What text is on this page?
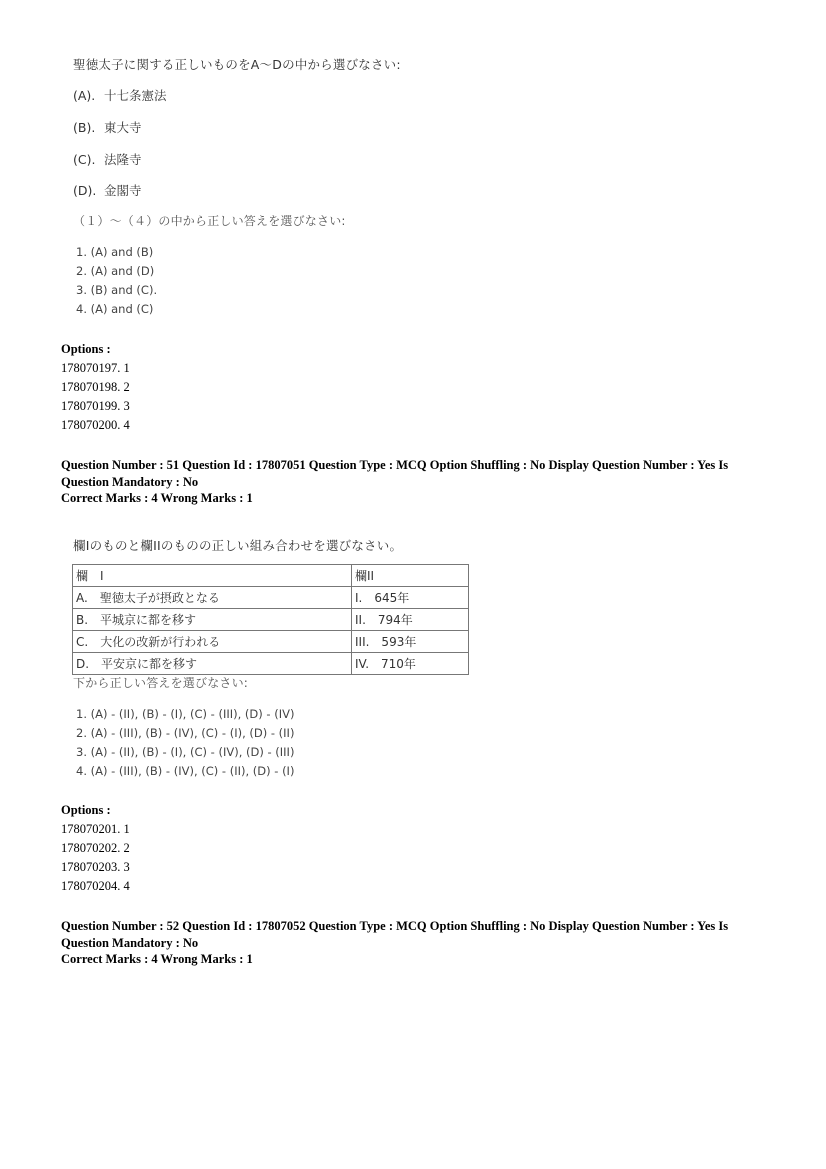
聖徳太子に関する正しいものをA～Dの中から選びなさい:
(A). 十七条憲法
(B). 東大寺
(C). 法隆寺
(D). 金閣寺
（１）～（４）の中から正しい答えを選びなさい:
1. (A) and (B)
2. (A) and (D)
3. (B) and (C).
4. (A) and (C)
Options :
178070197. 1
178070198. 2
178070199. 3
178070200. 4
Question Number : 51 Question Id : 17807051 Question Type : MCQ Option Shuffling : No Display Question Number : Yes Is
Question Mandatory : No
Correct Marks : 4 Wrong Marks : 1
欄Iのものと欄IIのものの正しい組み合わせを選びなさい。
欄　I	欄II
A.　聖徳太子が摂政となる	I.　645年
B.　平城京に都を移す	II.　794年
C.　大化の改新が行われる	III.　593年
D.　平安京に都を移す	IV.　710年
下から正しい答えを選びなさい:
1. (A) - (II), (B) - (I), (C) - (III), (D) - (IV)
2. (A) - (III), (B) - (IV), (C) - (I), (D) - (II)
3. (A) - (II), (B) - (I), (C) - (IV), (D) - (III)
4. (A) - (III), (B) - (IV), (C) - (II), (D) - (I)
Options :
178070201. 1
178070202. 2
178070203. 3
178070204. 4
Question Number : 52 Question Id : 17807052 Question Type : MCQ Option Shuffling : No Display Question Number : Yes Is
Question Mandatory : No
Correct Marks : 4 Wrong Marks : 1
